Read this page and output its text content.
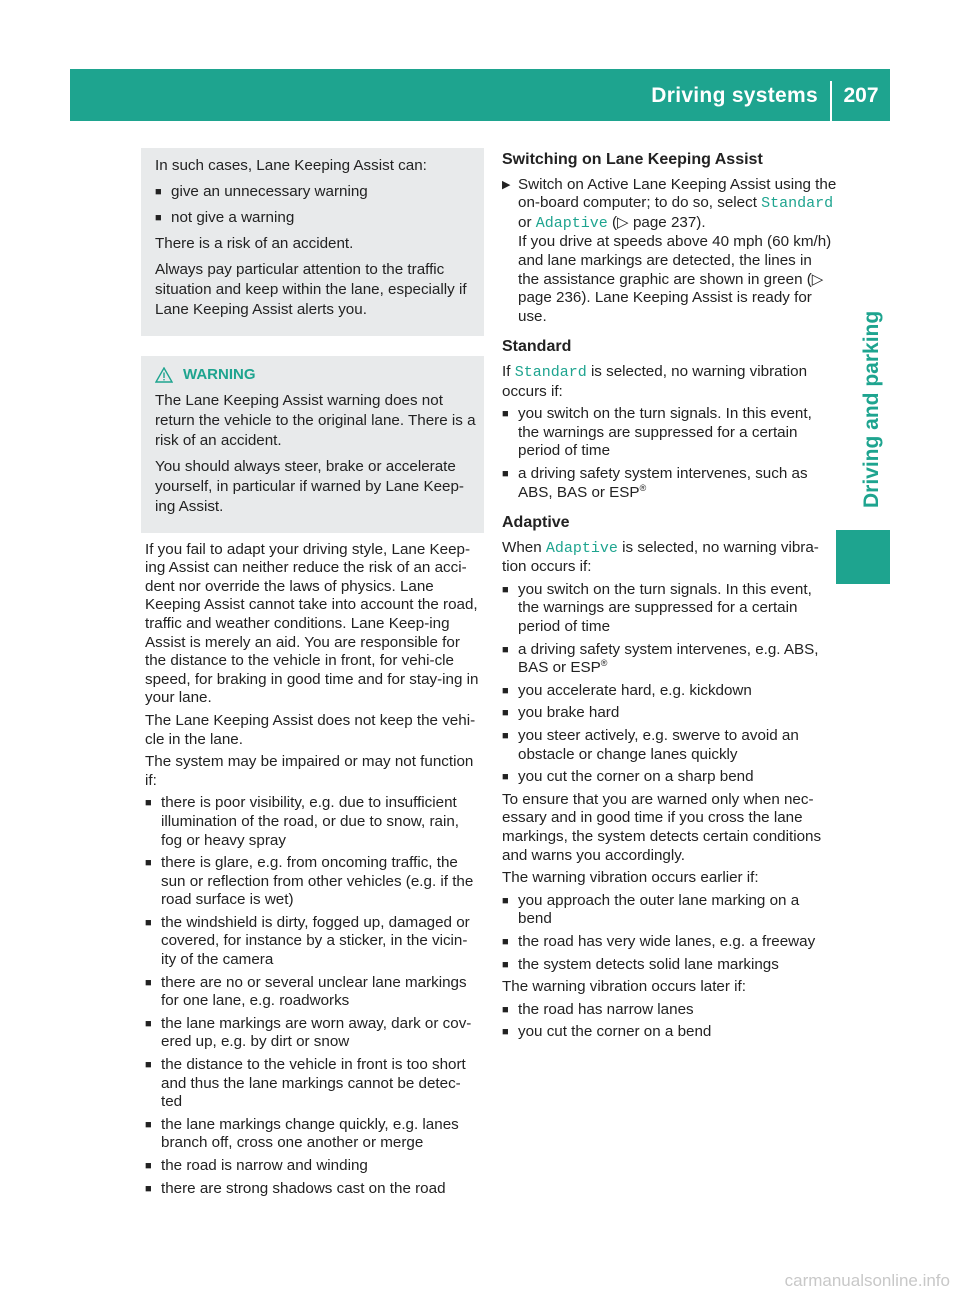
Driving systems	207
Driving and parking

In such cases, Lane Keeping Assist can:

■ give an unnecessary warning
■ not give a warning

There is a risk of an accident.

Always pay particular attention to the traffic situation and keep within the lane, especially if Lane Keeping Assist alerts you.

WARNING

The Lane Keeping Assist warning does not return the vehicle to the original lane. There is a risk of an accident.

You should always steer, brake or accelerate yourself, in particular if warned by Lane Keep-ing Assist.

If you fail to adapt your driving style, Lane Keep-ing Assist can neither reduce the risk of an acci-dent nor override the laws of physics. Lane Keeping Assist cannot take into account the road, traffic and weather conditions. Lane Keep-ing Assist is merely an aid. You are responsible for the distance to the vehicle in front, for vehi-cle speed, for braking in good time and for stay-ing in your lane.

The Lane Keeping Assist does not keep the vehi-cle in the lane.

The system may be impaired or may not function if:

■ there is poor visibility, e.g. due to insufficient illumination of the road, or due to snow, rain, fog or heavy spray
■ there is glare, e.g. from oncoming traffic, the sun or reflection from other vehicles (e.g. if the road surface is wet)
■ the windshield is dirty, fogged up, damaged or covered, for instance by a sticker, in the vicin-ity of the camera
■ there are no or several unclear lane markings for one lane, e.g. roadworks
■ the lane markings are worn away, dark or cov-ered up, e.g. by dirt or snow
■ the distance to the vehicle in front is too short and thus the lane markings cannot be detec-ted
■ the lane markings change quickly, e.g. lanes branch off, cross one another or merge
■ the road is narrow and winding
■ there are strong shadows cast on the road
Switching on Lane Keeping Assist
▶ Switch on Active Lane Keeping Assist using the on-board computer; to do so, select Standard or Adaptive (▷ page 237).
If you drive at speeds above 40 mph (60 km/h) and lane markings are detected, the lines in the assistance graphic are shown in green (▷ page 236). Lane Keeping Assist is ready for use.
Standard

If Standard is selected, no warning vibration occurs if:

■ you switch on the turn signals. In this event, the warnings are suppressed for a certain period of time
■ a driving safety system intervenes, such as ABS, BAS or ESP®
Adaptive

When Adaptive is selected, no warning vibra-tion occurs if:

■ you switch on the turn signals. In this event, the warnings are suppressed for a certain period of time
■ a driving safety system intervenes, e.g. ABS, BAS or ESP®
■ you accelerate hard, e.g. kickdown
■ you brake hard
■ you steer actively, e.g. swerve to avoid an obstacle or change lanes quickly
■ you cut the corner on a sharp bend

To ensure that you are warned only when nec-essary and in good time if you cross the lane markings, the system detects certain conditions and warns you accordingly.

The warning vibration occurs earlier if:

■ you approach the outer lane marking on a bend
■ the road has very wide lanes, e.g. a freeway
■ the system detects solid lane markings

The warning vibration occurs later if:

■ the road has narrow lanes
■ you cut the corner on a bend
carmanualsonline.info
